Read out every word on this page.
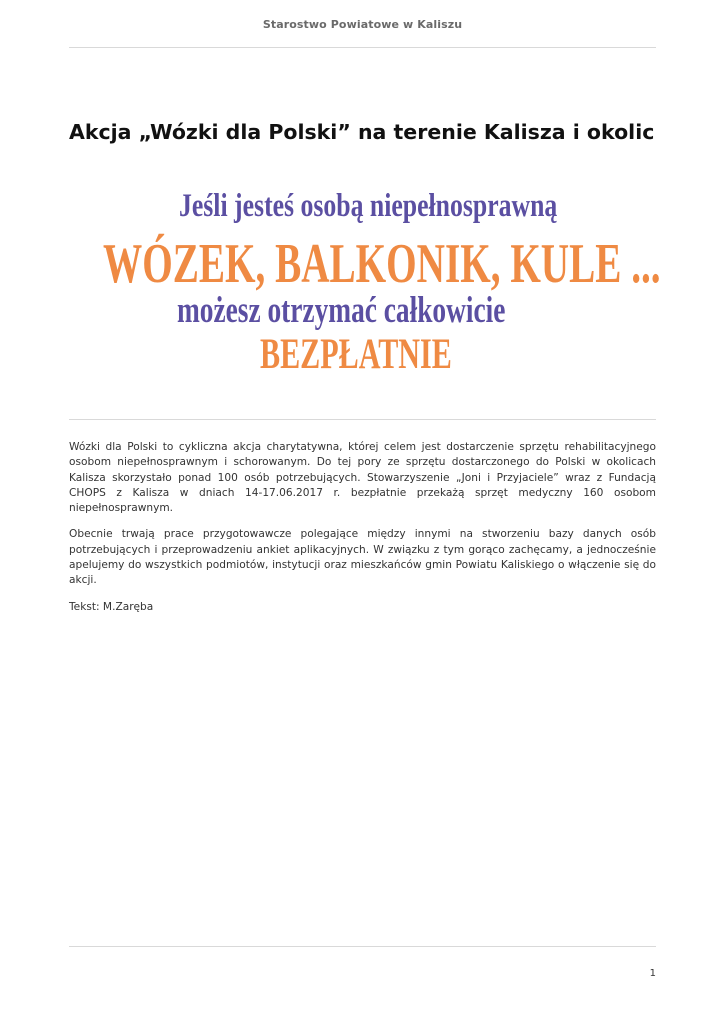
Starostwo Powiatowe w Kaliszu
Akcja „Wózki dla Polski” na terenie Kalisza i okolic
Jeśli jesteś osobą niepełnosprawną
WÓZEK, BALKONIK, KULE ...
możesz otrzymać całkowicie
BEZPŁATNIE

Wózki dla Polski to cykliczna akcja charytatywna, której celem jest dostarczenie sprzętu rehabilitacyjnego osobom niepełnosprawnym i schorowanym. Do tej pory ze sprzętu dostarczonego do Polski w okolicach Kalisza skorzystało ponad 100 osób potrzebujących. Stowarzyszenie „Joni i Przyjaciele” wraz z Fundacją CHOPS z Kalisza w dniach 14-17.06.2017 r. bezpłatnie przekażą sprzęt medyczny 160 osobom niepełnosprawnym.

Obecnie trwają prace przygotowawcze polegające między innymi na stworzeniu bazy danych osób potrzebujących i przeprowadzeniu ankiet aplikacyjnych. W związku z tym gorąco zachęcamy, a jednocześnie apelujemy do wszystkich podmiotów, instytucji oraz mieszkańców gmin Powiatu Kaliskiego o włączenie się do akcji.

Tekst: M.Zaręba

1
